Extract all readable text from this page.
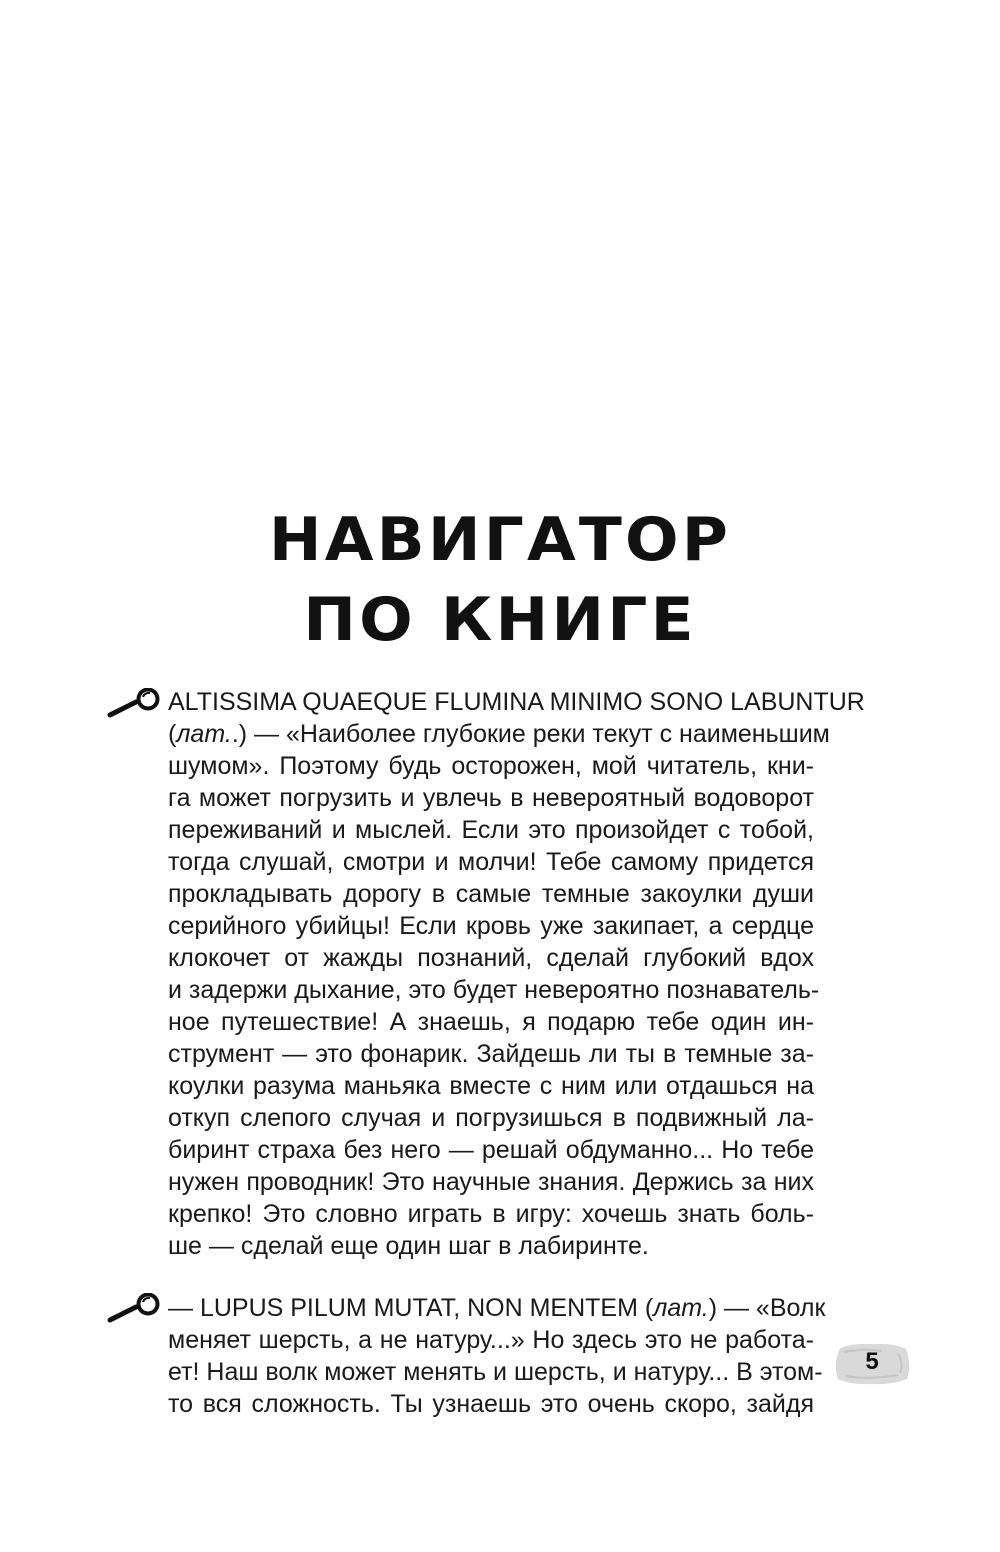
НАВИГАТОР
ПО КНИГЕ
ALTISSIMA QUAEQUE FLUMINA MINIMO SONO LABUNTUR
(лат..) — «Наиболее глубокие реки текут с наименьшим
шумом». Поэтому будь осторожен, мой читатель, кни-
га может погрузить и увлечь в невероятный водоворот
переживаний и мыслей. Если это произойдет с тобой,
тогда слушай, смотри и молчи! Тебе самому придется
прокладывать дорогу в самые темные закоулки души
серийного убийцы! Если кровь уже закипает, а сердце
клокочет от жажды познаний, сделай глубокий вдох
и задержи дыхание, это будет невероятно познаватель-
ное путешествие! А знаешь, я подарю тебе один ин-
струмент — это фонарик. Зайдешь ли ты в темные за-
коулки разума маньяка вместе с ним или отдашься на
откуп слепого случая и погрузишься в подвижный ла-
биринт страха без него — решай обдуманно... Но тебе
нужен проводник! Это научные знания. Держись за них
крепко! Это словно играть в игру: хочешь знать боль-
ше — сделай еще один шаг в лабиринте.
— LUPUS PILUM MUTAT, NON MENTEM (лат.) — «Волк
меняет шерсть, а не натуру...» Но здесь это не работа-
ет! Наш волк может менять и шерсть, и натуру... В этом-
то вся сложность. Ты узнаешь это очень скоро, зайдя
5
